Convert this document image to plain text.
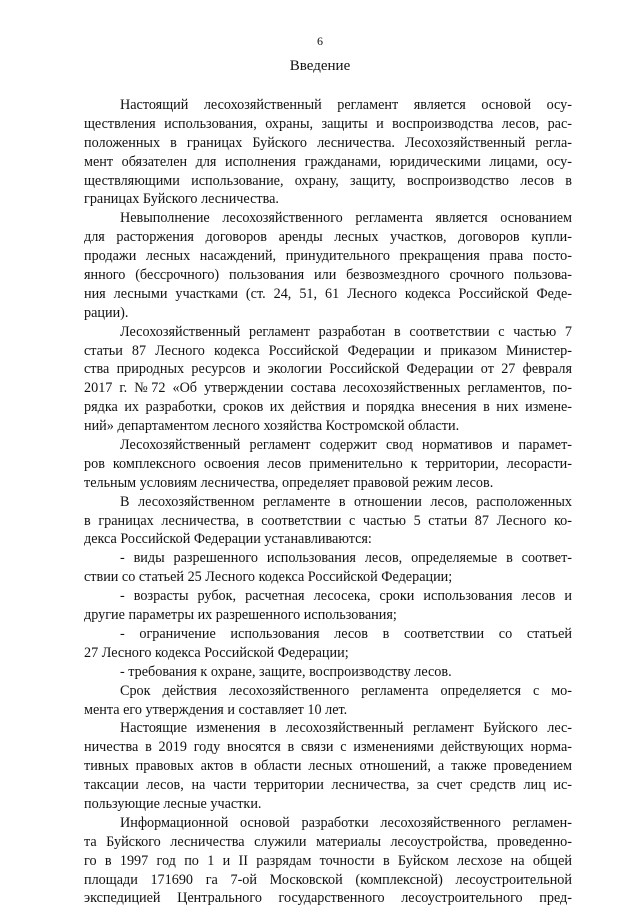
6
Введение
Настоящий лесохозяйственный регламент является основой осу-
ществления использования, охраны, защиты и воспроизводства лесов, рас-
положенных в границах Буйского лесничества. Лесохозяйственный регла-
мент обязателен для исполнения гражданами, юридическими лицами, осу-
ществляющими использование, охрану, защиту, воспроизводство лесов в
границах Буйского лесничества.
Невыполнение лесохозяйственного регламента является основанием
для расторжения договоров аренды лесных участков, договоров купли-
продажи лесных насаждений, принудительного прекращения права посто-
янного (бессрочного) пользования или безвозмездного срочного пользова-
ния лесными участками (ст. 24, 51, 61 Лесного кодекса Российской Феде-
рации).
Лесохозяйственный регламент разработан в соответствии с частью 7
статьи 87 Лесного кодекса Российской Федерации и приказом Министер-
ства природных ресурсов и экологии Российской Федерации от 27 февраля
2017 г. №72 «Об утверждении состава лесохозяйственных регламентов, по-
рядка их разработки, сроков их действия и порядка внесения в них измене-
ний» департаментом лесного хозяйства Костромской области.
Лесохозяйственный регламент содержит свод нормативов и парамет-
ров комплексного освоения лесов применительно к территории, лесорасти-
тельным условиям лесничества, определяет правовой режим лесов.
В лесохозяйственном регламенте в отношении лесов, расположенных
в границах лесничества, в соответствии с частью 5 статьи 87 Лесного ко-
декса Российской Федерации устанавливаются:
- виды разрешенного использования лесов, определяемые в соответ-
ствии со статьей 25 Лесного кодекса Российской Федерации;
- возрасты рубок, расчетная лесосека, сроки использования лесов и
другие параметры их разрешенного использования;
- ограничение использования лесов в соответствии со статьей
27 Лесного кодекса Российской Федерации;
- требования к охране, защите, воспроизводству лесов.
Срок действия лесохозяйственного регламента определяется с мо-
мента его утверждения и составляет 10 лет.
Настоящие изменения в лесохозяйственный регламент Буйского лес-
ничества в 2019 году вносятся в связи с изменениями действующих норма-
тивных правовых актов в области лесных отношений, а также проведением
таксации лесов, на части территории лесничества, за счет средств лиц ис-
пользующие лесные участки.
Информационной основой разработки лесохозяйственного регламен-
та Буйского лесничества служили материалы лесоустройства, проведенно-
го в 1997 год по 1 и II разрядам точности в Буйском лесхозе на общей
площади 171690 га 7-ой Московской (комплексной) лесоустроительной
экспедицией Центрального государственного лесоустроительного пред-
